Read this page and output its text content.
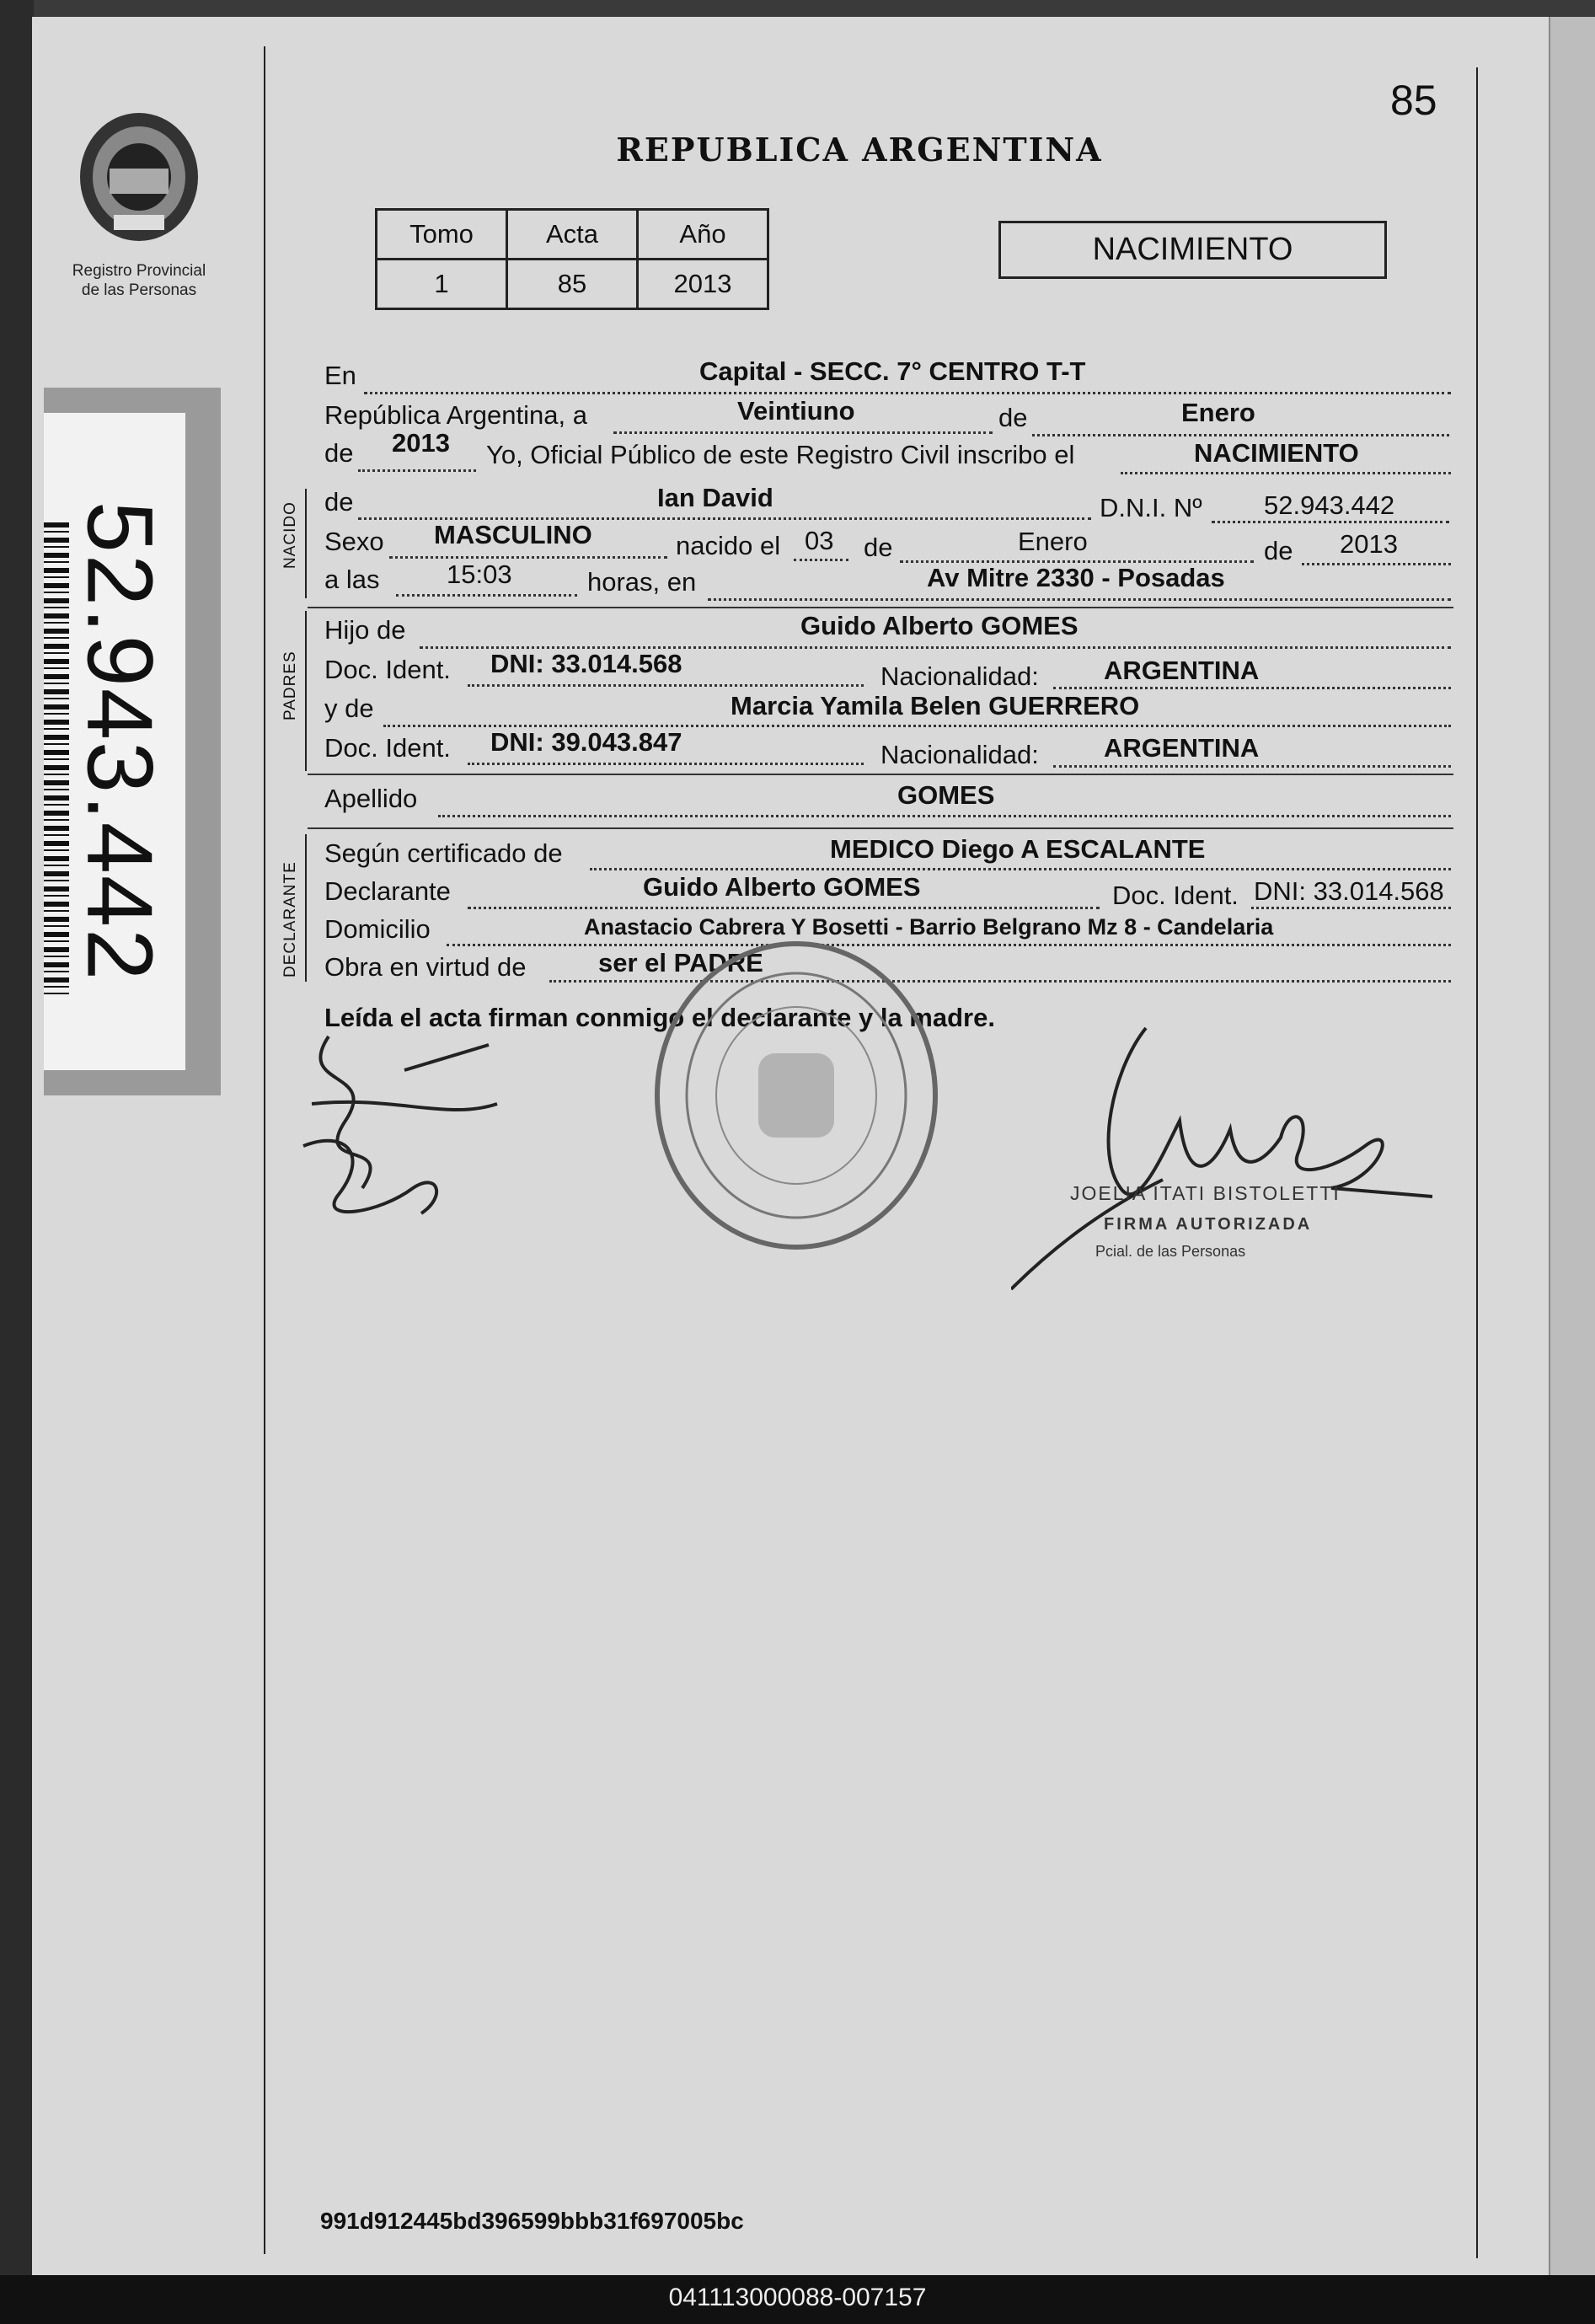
Registro Provincial
de las Personas
52.943.442
85
REPUBLICA ARGENTINA
Tomo	Acta	Año
1	85	2013
NACIMIENTO
En	Capital - SECC. 7° CENTRO T-T
República Argentina, a	Veintiuno	de	Enero
de 2013 Yo, Oficial Público de este Registro Civil inscribo el	NACIMIENTO
NACIDO de	Ian David	D.N.I. Nº 52.943.442
Sexo MASCULINO	nacido el 03 de	Enero	de 2013
a las	15:03	horas, en	Av Mitre 2330 - Posadas
PADRES
Hijo de	Guido Alberto GOMES
Doc. Ident. DNI: 33.014.568	Nacionalidad: ARGENTINA
y de	Marcia Yamila Belen GUERRERO
Doc. Ident. DNI: 39.043.847	Nacionalidad: ARGENTINA
Apellido	GOMES
DECLARANTE
Según certificado de	MEDICO Diego A ESCALANTE
Declarante	Guido Alberto GOMES	Doc. Ident. DNI: 33.014.568
Domicilio	Anastacio Cabrera Y Bosetti - Barrio Belgrano Mz 8 - Candelaria
Obra en virtud de	ser el PADRE
Leída el acta firman conmigo el declarante y la madre.
JOELIA ITATI BISTOLETTI
FIRMA AUTORIZADA
Pcial. de las Personas
991d912445bd396599bbb31f697005bc
041113000088-007157
